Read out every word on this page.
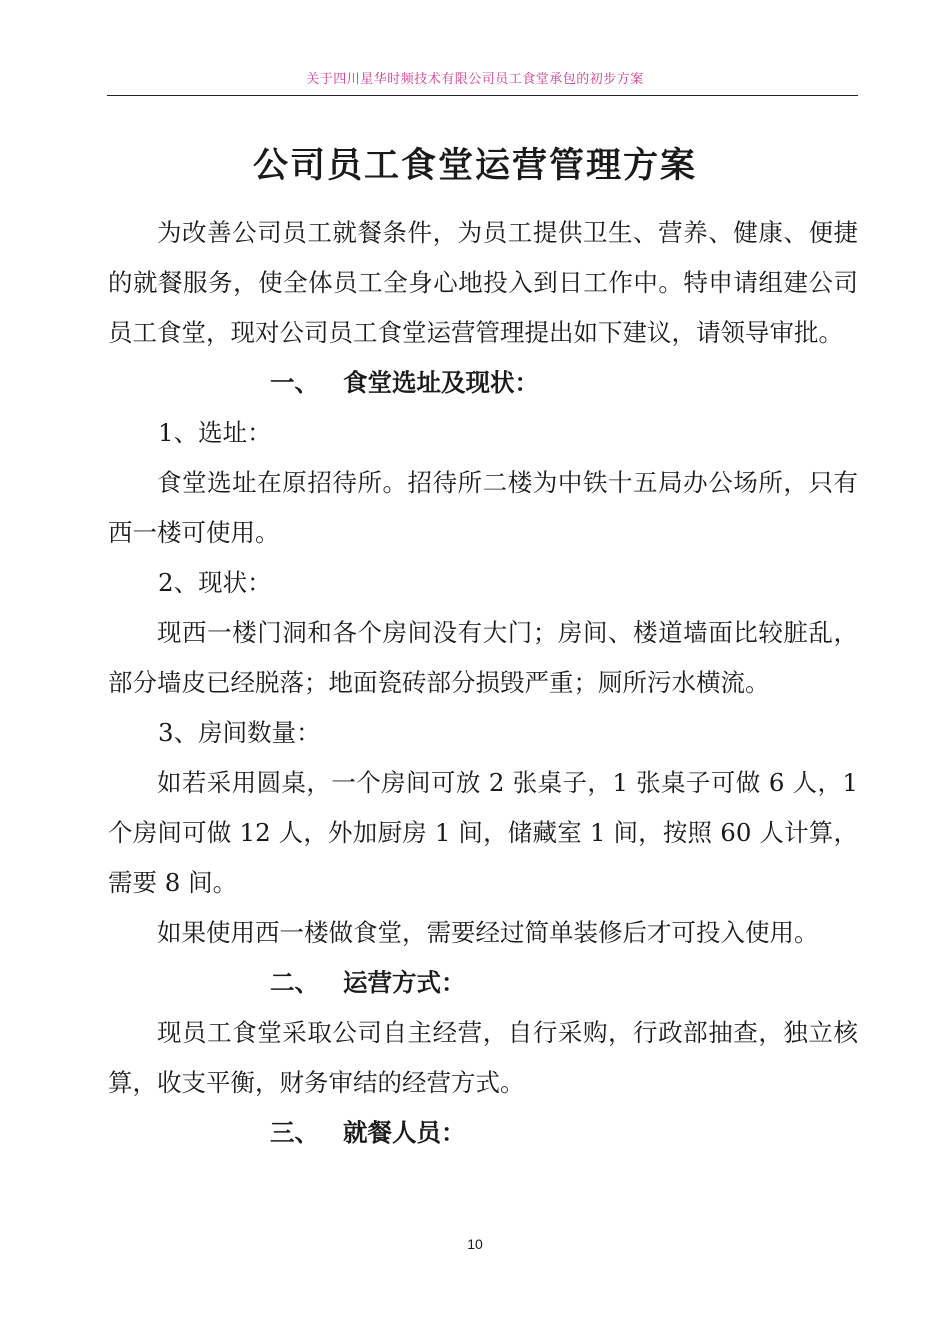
关于四川星华时频技术有限公司员工食堂承包的初步方案
公司员工食堂运营管理方案

为改善公司员工就餐条件，为员工提供卫生、营养、健康、便捷的就餐服务，使全体员工全身心地投入到日工作中。特申请组建公司员工食堂，现对公司员工食堂运营管理提出如下建议，请领导审批。

一、 食堂选址及现状：

1、选址：

食堂选址在原招待所。招待所二楼为中铁十五局办公场所，只有西一楼可使用。

2、现状：

现西一楼门洞和各个房间没有大门；房间、楼道墙面比较脏乱，部分墙皮已经脱落；地面瓷砖部分损毁严重；厕所污水横流。

3、房间数量：

如若采用圆桌，一个房间可放 2 张桌子，1 张桌子可做 6 人，1 个房间可做 12 人，外加厨房 1 间，储藏室 1 间，按照 60 人计算，需要 8 间。

如果使用西一楼做食堂，需要经过简单装修后才可投入使用。

二、 运营方式：

现员工食堂采取公司自主经营，自行采购，行政部抽查，独立核算，收支平衡，财务审结的经营方式。

三、 就餐人员：

10
